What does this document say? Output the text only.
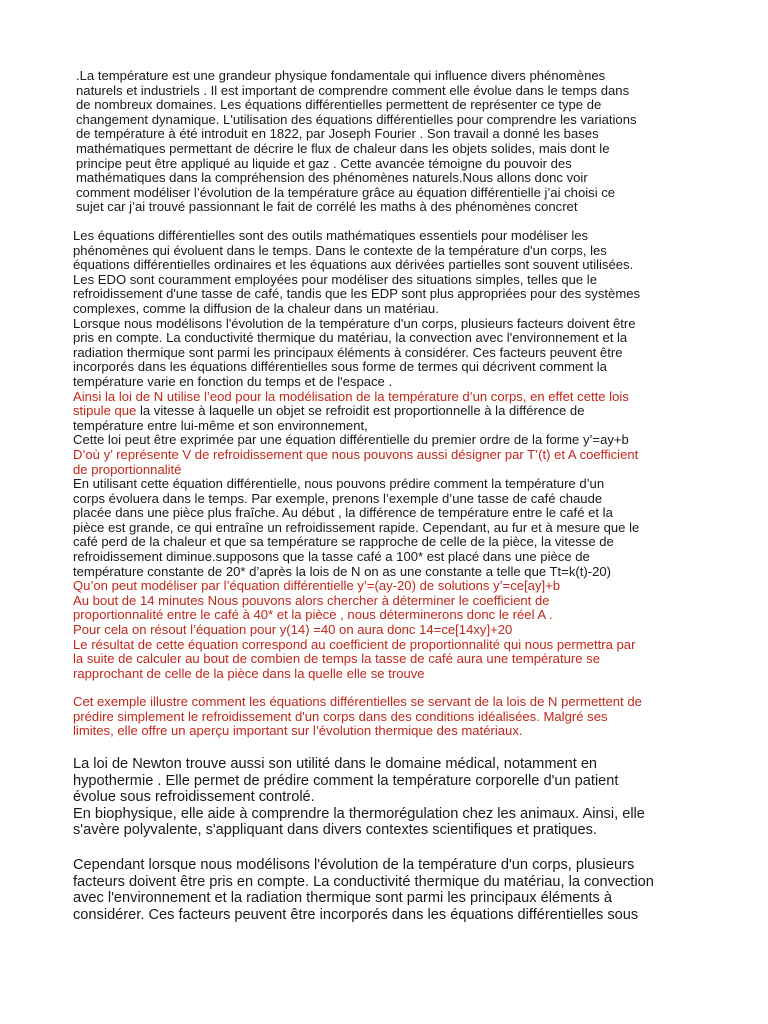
.La température est une grandeur physique fondamentale qui influence divers phénomènes
naturels et industriels . Il est important de comprendre comment elle évolue dans le temps dans
de nombreux domaines. Les équations différentielles permettent de représenter ce type de
changement dynamique. L'utilisation des équations différentielles pour comprendre les variations
de température à été introduit en 1822, par Joseph Fourier . Son travail a donné les bases
mathématiques permettant de décrire le flux de chaleur dans les objets solides, mais dont le
principe peut être appliqué au liquide et gaz . Cette avancée témoigne du pouvoir des
mathématiques dans la compréhension des phénomènes naturels.Nous allons donc voir
comment modéliser l’évolution de la température grâce au équation différentielle j’ai choisi ce
sujet car j’ai trouvé passionnant le fait de corrélé les maths à des phénomènes concret
Les équations différentielles sont des outils mathématiques essentiels pour modéliser les
phénomènes qui évoluent dans le temps. Dans le contexte de la température d'un corps, les
équations différentielles ordinaires et les équations aux dérivées partielles sont souvent utilisées.
Les EDO sont couramment employées pour modéliser des situations simples, telles que le
refroidissement d'une tasse de café, tandis que les EDP sont plus appropriées pour des systèmes
complexes, comme la diffusion de la chaleur dans un matériau.
Lorsque nous modélisons l'évolution de la température d'un corps, plusieurs facteurs doivent être
pris en compte. La conductivité thermique du matériau, la convection avec l'environnement et la
radiation thermique sont parmi les principaux éléments à considérer. Ces facteurs peuvent être
incorporés dans les équations différentielles sous forme de termes qui décrivent comment la
température varie en fonction du temps et de l'espace .
Ainsi la loi de N utilise l’eod pour la modélisation de la température d’un corps, en effet cette lois
stipule que la vitesse à laquelle un objet se refroidit est proportionnelle à la différence de
température entre lui-même et son environnement,
Cette loi peut être exprimée par une équation différentielle du premier ordre de la forme y’=ay+b
D’où y’ représente V de refroidissement que nous pouvons aussi désigner par T’(t) et A coefficient
de proportionnalité
En utilisant cette équation différentielle, nous pouvons prédire comment la température d’un
corps évoluera dans le temps. Par exemple, prenons l’exemple d’une tasse de café chaude
placée dans une pièce plus fraîche. Au début , la différence de température entre le café et la
pièce est grande, ce qui entraîne un refroidissement rapide. Cependant, au fur et à mesure que le
café perd de la chaleur et que sa température se rapproche de celle de la pièce, la vitesse de
refroidissement diminue.supposons que la tasse café a 100* est placé dans une pièce de
température constante de 20* d’après la lois de N on as une constante a telle que Tt=k(t)-20)
Qu’on peut modéliser par l’équation différentielle y’=(ay-20) de solutions y’=ce[ay]+b
Au bout de 14 minutes Nous pouvons alors chercher à déterminer le coefficient de
proportionnalité entre le café à 40* et la pièce , nous déterminerons donc le réel A .
Pour cela on résout l’équation pour y(14) =40 on aura donc 14=ce[14xy]+20
Le résultat de cette équation correspond au coefficient de proportionnalité qui nous permettra par
la suite de calculer au bout de combien de temps la tasse de café aura une température se
rapprochant de celle de la pièce dans la quelle elle se trouve
Cet exemple illustre comment les équations différentielles se servant de la lois de N permettent de
prédire simplement le refroidissement d'un corps dans des conditions idéalisées. Malgré ses
limites, elle offre un aperçu important sur l’évolution thermique des matériaux.
La loi de Newton trouve aussi son utilité dans le domaine médical, notamment en
hypothermie . Elle permet de prédire comment la température corporelle d'un patient
évolue sous refroidissement controlé.
En biophysique, elle aide à comprendre la thermorégulation chez les animaux. Ainsi, elle
s'avère polyvalente, s'appliquant dans divers contextes scientifiques et pratiques.
Cependant lorsque nous modélisons l'évolution de la température d'un corps, plusieurs
facteurs doivent être pris en compte. La conductivité thermique du matériau, la convection
avec l'environnement et la radiation thermique sont parmi les principaux éléments à
considérer. Ces facteurs peuvent être incorporés dans les équations différentielles sous
